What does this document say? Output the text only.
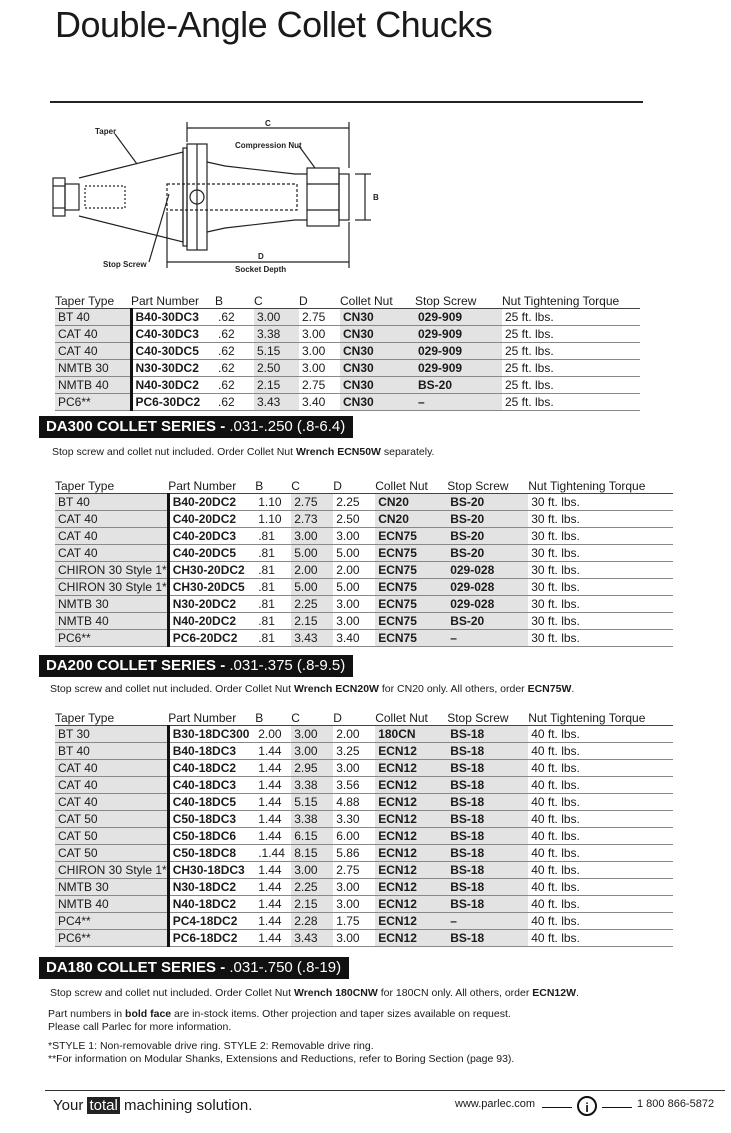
Double-Angle Collet Chucks
Taper
C
Compression Nut
B
D
Socket Depth
Stop Screw
Taper Type	Part Number	B	C	D	Collet Nut	Stop Screw	Nut Tightening Torque
BT 40	B40-30DC3	.62	3.00	2.75	CN30	029-909	25 ft. lbs.
CAT 40	C40-30DC3	.62	3.38	3.00	CN30	029-909	25 ft. lbs.
CAT 40	C40-30DC5	.62	5.15	3.00	CN30	029-909	25 ft. lbs.
NMTB 30	N30-30DC2	.62	2.50	3.00	CN30	029-909	25 ft. lbs.
NMTB 40	N40-30DC2	.62	2.15	2.75	CN30	BS-20	25 ft. lbs.
PC6**	PC6-30DC2	.62	3.43	3.40	CN30	–	25 ft. lbs.
DA300 COLLET SERIES - .031-.250 (.8-6.4)
Stop screw and collet nut included. Order Collet Nut Wrench ECN50W separately.
Taper Type	Part Number	B	C	D	Collet Nut	Stop Screw	Nut Tightening Torque
BT 40	B40-20DC2	1.10	2.75	2.25	CN20	BS-20	30 ft. lbs.
CAT 40	C40-20DC2	1.10	2.73	2.50	CN20	BS-20	30 ft. lbs.
CAT 40	C40-20DC3	.81	3.00	3.00	ECN75	BS-20	30 ft. lbs.
CAT 40	C40-20DC5	.81	5.00	5.00	ECN75	BS-20	30 ft. lbs.
CHIRON 30 Style 1*	CH30-20DC2	.81	2.00	2.00	ECN75	029-028	30 ft. lbs.
CHIRON 30 Style 1*	CH30-20DC5	.81	5.00	5.00	ECN75	029-028	30 ft. lbs.
NMTB 30	N30-20DC2	.81	2.25	3.00	ECN75	029-028	30 ft. lbs.
NMTB 40	N40-20DC2	.81	2.15	3.00	ECN75	BS-20	30 ft. lbs.
PC6**	PC6-20DC2	.81	3.43	3.40	ECN75	–	30 ft. lbs.
DA200 COLLET SERIES - .031-.375 (.8-9.5)
Stop screw and collet nut included. Order Collet Nut Wrench ECN20W for CN20 only. All others, order ECN75W.
Taper Type	Part Number	B	C	D	Collet Nut	Stop Screw	Nut Tightening Torque
BT 30	B30-18DC300	2.00	3.00	2.00	180CN	BS-18	40 ft. lbs.
BT 40	B40-18DC3	1.44	3.00	3.25	ECN12	BS-18	40 ft. lbs.
CAT 40	C40-18DC2	1.44	2.95	3.00	ECN12	BS-18	40 ft. lbs.
CAT 40	C40-18DC3	1.44	3.38	3.56	ECN12	BS-18	40 ft. lbs.
CAT 40	C40-18DC5	1.44	5.15	4.88	ECN12	BS-18	40 ft. lbs.
CAT 50	C50-18DC3	1.44	3.38	3.30	ECN12	BS-18	40 ft. lbs.
CAT 50	C50-18DC6	1.44	6.15	6.00	ECN12	BS-18	40 ft. lbs.
CAT 50	C50-18DC8	.1.44	8.15	5.86	ECN12	BS-18	40 ft. lbs.
CHIRON 30 Style 1*	CH30-18DC3	1.44	3.00	2.75	ECN12	BS-18	40 ft. lbs.
NMTB 30	N30-18DC2	1.44	2.25	3.00	ECN12	BS-18	40 ft. lbs.
NMTB 40	N40-18DC2	1.44	2.15	3.00	ECN12	BS-18	40 ft. lbs.
PC4**	PC4-18DC2	1.44	2.28	1.75	ECN12	–	40 ft. lbs.
PC6**	PC6-18DC2	1.44	3.43	3.00	ECN12	BS-18	40 ft. lbs.
DA180 COLLET SERIES - .031-.750 (.8-19)
Stop screw and collet nut included. Order Collet Nut Wrench 180CNW for 180CN only. All others, order ECN12W.
Part numbers in bold face are in-stock items. Other projection and taper sizes available on request.
Please call Parlec for more information.
*STYLE 1: Non-removable drive ring. STYLE 2: Removable drive ring.
**For information on Modular Shanks, Extensions and Reductions, refer to Boring Section (page 93).
Your total machining solution.	www.parlec.com	i	1 800 866-5872
